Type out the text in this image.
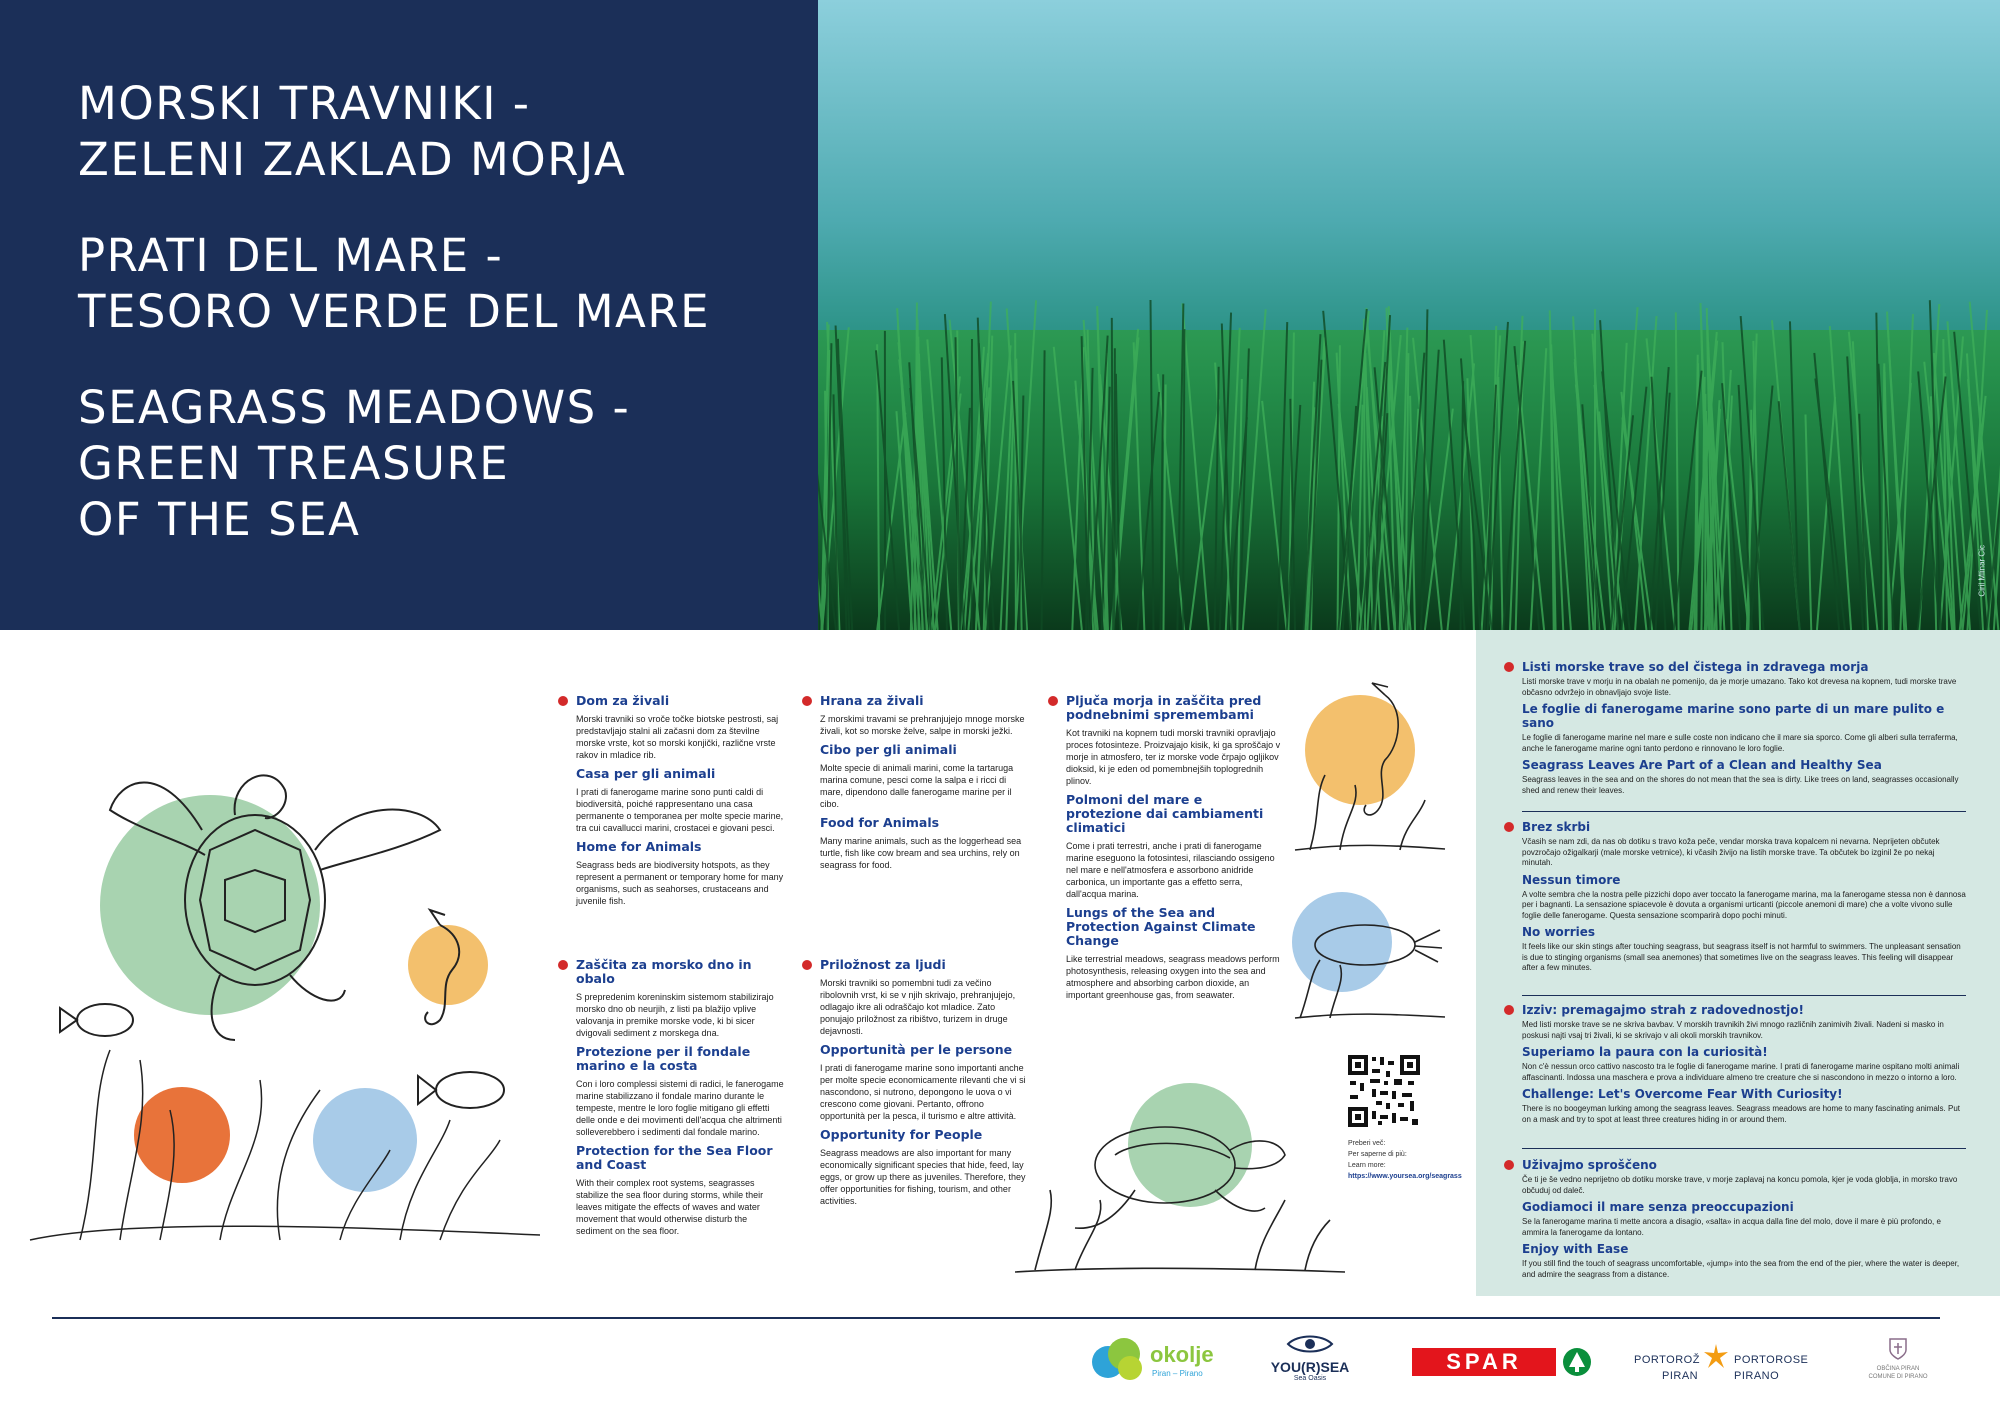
MORSKI TRAVNIKI -
ZELENI ZAKLAD MORJA
PRATI DEL MARE -
TESORO VERDE DEL MARE
SEAGRASS MEADOWS -
GREEN TREASURE
OF THE SEA
Ciril Mlinar Cic
Dom za živali
Morski travniki so vroče točke biotske pestrosti, saj predstavljajo stalni ali začasni dom za številne morske vrste, kot so morski konjički, različne vrste rakov in mladice rib.
Casa per gli animali
I prati di fanerogame marine sono punti caldi di biodiversità, poiché rappresentano una casa permanente o temporanea per molte specie marine, tra cui cavallucci marini, crostacei e giovani pesci.
Home for Animals
Seagrass beds are biodiversity hotspots, as they represent a permanent or temporary home for many organisms, such as seahorses, crustaceans and juvenile fish.
Zaščita za morsko dno in obalo
S prepredenim koreninskim sistemom stabilizirajo morsko dno ob neurjih, z listi pa blažijo vplive valovanja in premike morske vode, ki bi sicer dvigovali sediment z morskega dna.
Protezione per il fondale marino e la costa
Con i loro complessi sistemi di radici, le fanerogame marine stabilizzano il fondale marino durante le tempeste, mentre le loro foglie mitigano gli effetti delle onde e dei movimenti dell'acqua che altrimenti solleverebbero i sedimenti dal fondale marino.
Protection for the Sea Floor and Coast
With their complex root systems, seagrasses stabilize the sea floor during storms, while their leaves mitigate the effects of waves and water movement that would otherwise disturb the sediment on the sea floor.
Hrana za živali
Z morskimi travami se prehranjujejo mnoge morske živali, kot so morske želve, salpe in morski ježki.
Cibo per gli animali
Molte specie di animali marini, come la tartaruga marina comune, pesci come la salpa e i ricci di mare, dipendono dalle fanerogame marine per il cibo.
Food for Animals
Many marine animals, such as the loggerhead sea turtle, fish like cow bream and sea urchins, rely on seagrass for food.
Priložnost za ljudi
Morski travniki so pomembni tudi za večino ribolovnih vrst, ki se v njih skrivajo, prehranjujejo, odlagajo ikre ali odraščajo kot mladice. Zato ponujajo priložnost za ribištvo, turizem in druge dejavnosti.
Opportunità per le persone
I prati di fanerogame marine sono importanti anche per molte specie economicamente rilevanti che vi si nascondono, si nutrono, depongono le uova o vi crescono come giovani. Pertanto, offrono opportunità per la pesca, il turismo e altre attività.
Opportunity for People
Seagrass meadows are also important for many economically significant species that hide, feed, lay eggs, or grow up there as juveniles. Therefore, they offer opportunities for fishing, tourism, and other activities.
Pljuča morja in zaščita pred podnebnimi spremembami
Kot travniki na kopnem tudi morski travniki opravljajo proces fotosinteze. Proizvajajo kisik, ki ga sproščajo v morje in atmosfero, ter iz morske vode črpajo ogljikov dioksid, ki je eden od pomembnejših toplogrednih plinov.
Polmoni del mare e protezione dai cambiamenti climatici
Come i prati terrestri, anche i prati di fanerogame marine eseguono la fotosintesi, rilasciando ossigeno nel mare e nell'atmosfera e assorbono anidride carbonica, un importante gas a effetto serra, dall'acqua marina.
Lungs of the Sea and Protection Against Climate Change
Like terrestrial meadows, seagrass meadows perform photosynthesis, releasing oxygen into the sea and atmosphere and absorbing carbon dioxide, an important greenhouse gas, from seawater.
Preberi več:
Per saperne di più:
Learn more:
https://www.yoursea.org/seagrass
Listi morske trave so del čistega in zdravega morja
Listi morske trave v morju in na obalah ne pomenijo, da je morje umazano. Tako kot drevesa na kopnem, tudi morske trave občasno odvržejo in obnavljajo svoje liste.
Le foglie di fanerogame marine sono parte di un mare pulito e sano
Le foglie di fanerogame marine nel mare e sulle coste non indicano che il mare sia sporco. Come gli alberi sulla terraferma, anche le fanerogame marine ogni tanto perdono e rinnovano le loro foglie.
Seagrass Leaves Are Part of a Clean and Healthy Sea
Seagrass leaves in the sea and on the shores do not mean that the sea is dirty. Like trees on land, seagrasses occasionally shed and renew their leaves.
Brez skrbi
Včasih se nam zdi, da nas ob dotiku s travo koža peče, vendar morska trava kopalcem ni nevarna. Neprijeten občutek povzročajo ožigalkarji (male morske vetrnice), ki včasih živijo na listih morske trave. Ta občutek bo izginil že po nekaj minutah.
Nessun timore
A volte sembra che la nostra pelle pizzichi dopo aver toccato la fanerogame marina, ma la fanerogame stessa non è dannosa per i bagnanti. La sensazione spiacevole è dovuta a organismi urticanti (piccole anemoni di mare) che a volte vivono sulle foglie delle fanerogame. Questa sensazione scomparirà dopo pochi minuti.
No worries
It feels like our skin stings after touching seagrass, but seagrass itself is not harmful to swimmers. The unpleasant sensation is due to stinging organisms (small sea anemones) that sometimes live on the seagrass leaves. This feeling will disappear after a few minutes.
Izziv: premagajmo strah z radovednostjo!
Med listi morske trave se ne skriva bavbav. V morskih travnikih živi mnogo različnih zanimivih živali. Nadeni si masko in poskusi najti vsaj tri živali, ki se skrivajo v ali okoli morskih travnikov.
Superiamo la paura con la curiosità!
Non c'è nessun orco cattivo nascosto tra le foglie di fanerogame marine. I prati di fanerogame marine ospitano molti animali affascinanti. Indossa una maschera e prova a individuare almeno tre creature che si nascondono in mezzo o intorno a loro.
Challenge: Let's Overcome Fear With Curiosity!
There is no boogeyman lurking among the seagrass leaves. Seagrass meadows are home to many fascinating animals. Put on a mask and try to spot at least three creatures hiding in or around them.
Uživajmo sproščeno
Če ti je še vedno neprijetno ob dotiku morske trave, v morje zaplavaj na koncu pomola, kjer je voda globlja, in morsko travo občuduj od daleč.
Godiamoci il mare senza preoccupazioni
Se la fanerogame marina ti mette ancora a disagio, «salta» in acqua dalla fine del molo, dove il mare è più profondo, e ammira la fanerogame da lontano.
Enjoy with Ease
If you still find the touch of seagrass uncomfortable, «jump» into the sea from the end of the pier, where the water is deeper, and admire the seagrass from a distance.
okolje
Piran – Pirano	YOU(R)SEA
Sea Oasis
SPAR	PORTOROŽ	PORTOROSE
PIRAN	PIRANO
OBČINA PIRAN
COMUNE DI PIRANO
